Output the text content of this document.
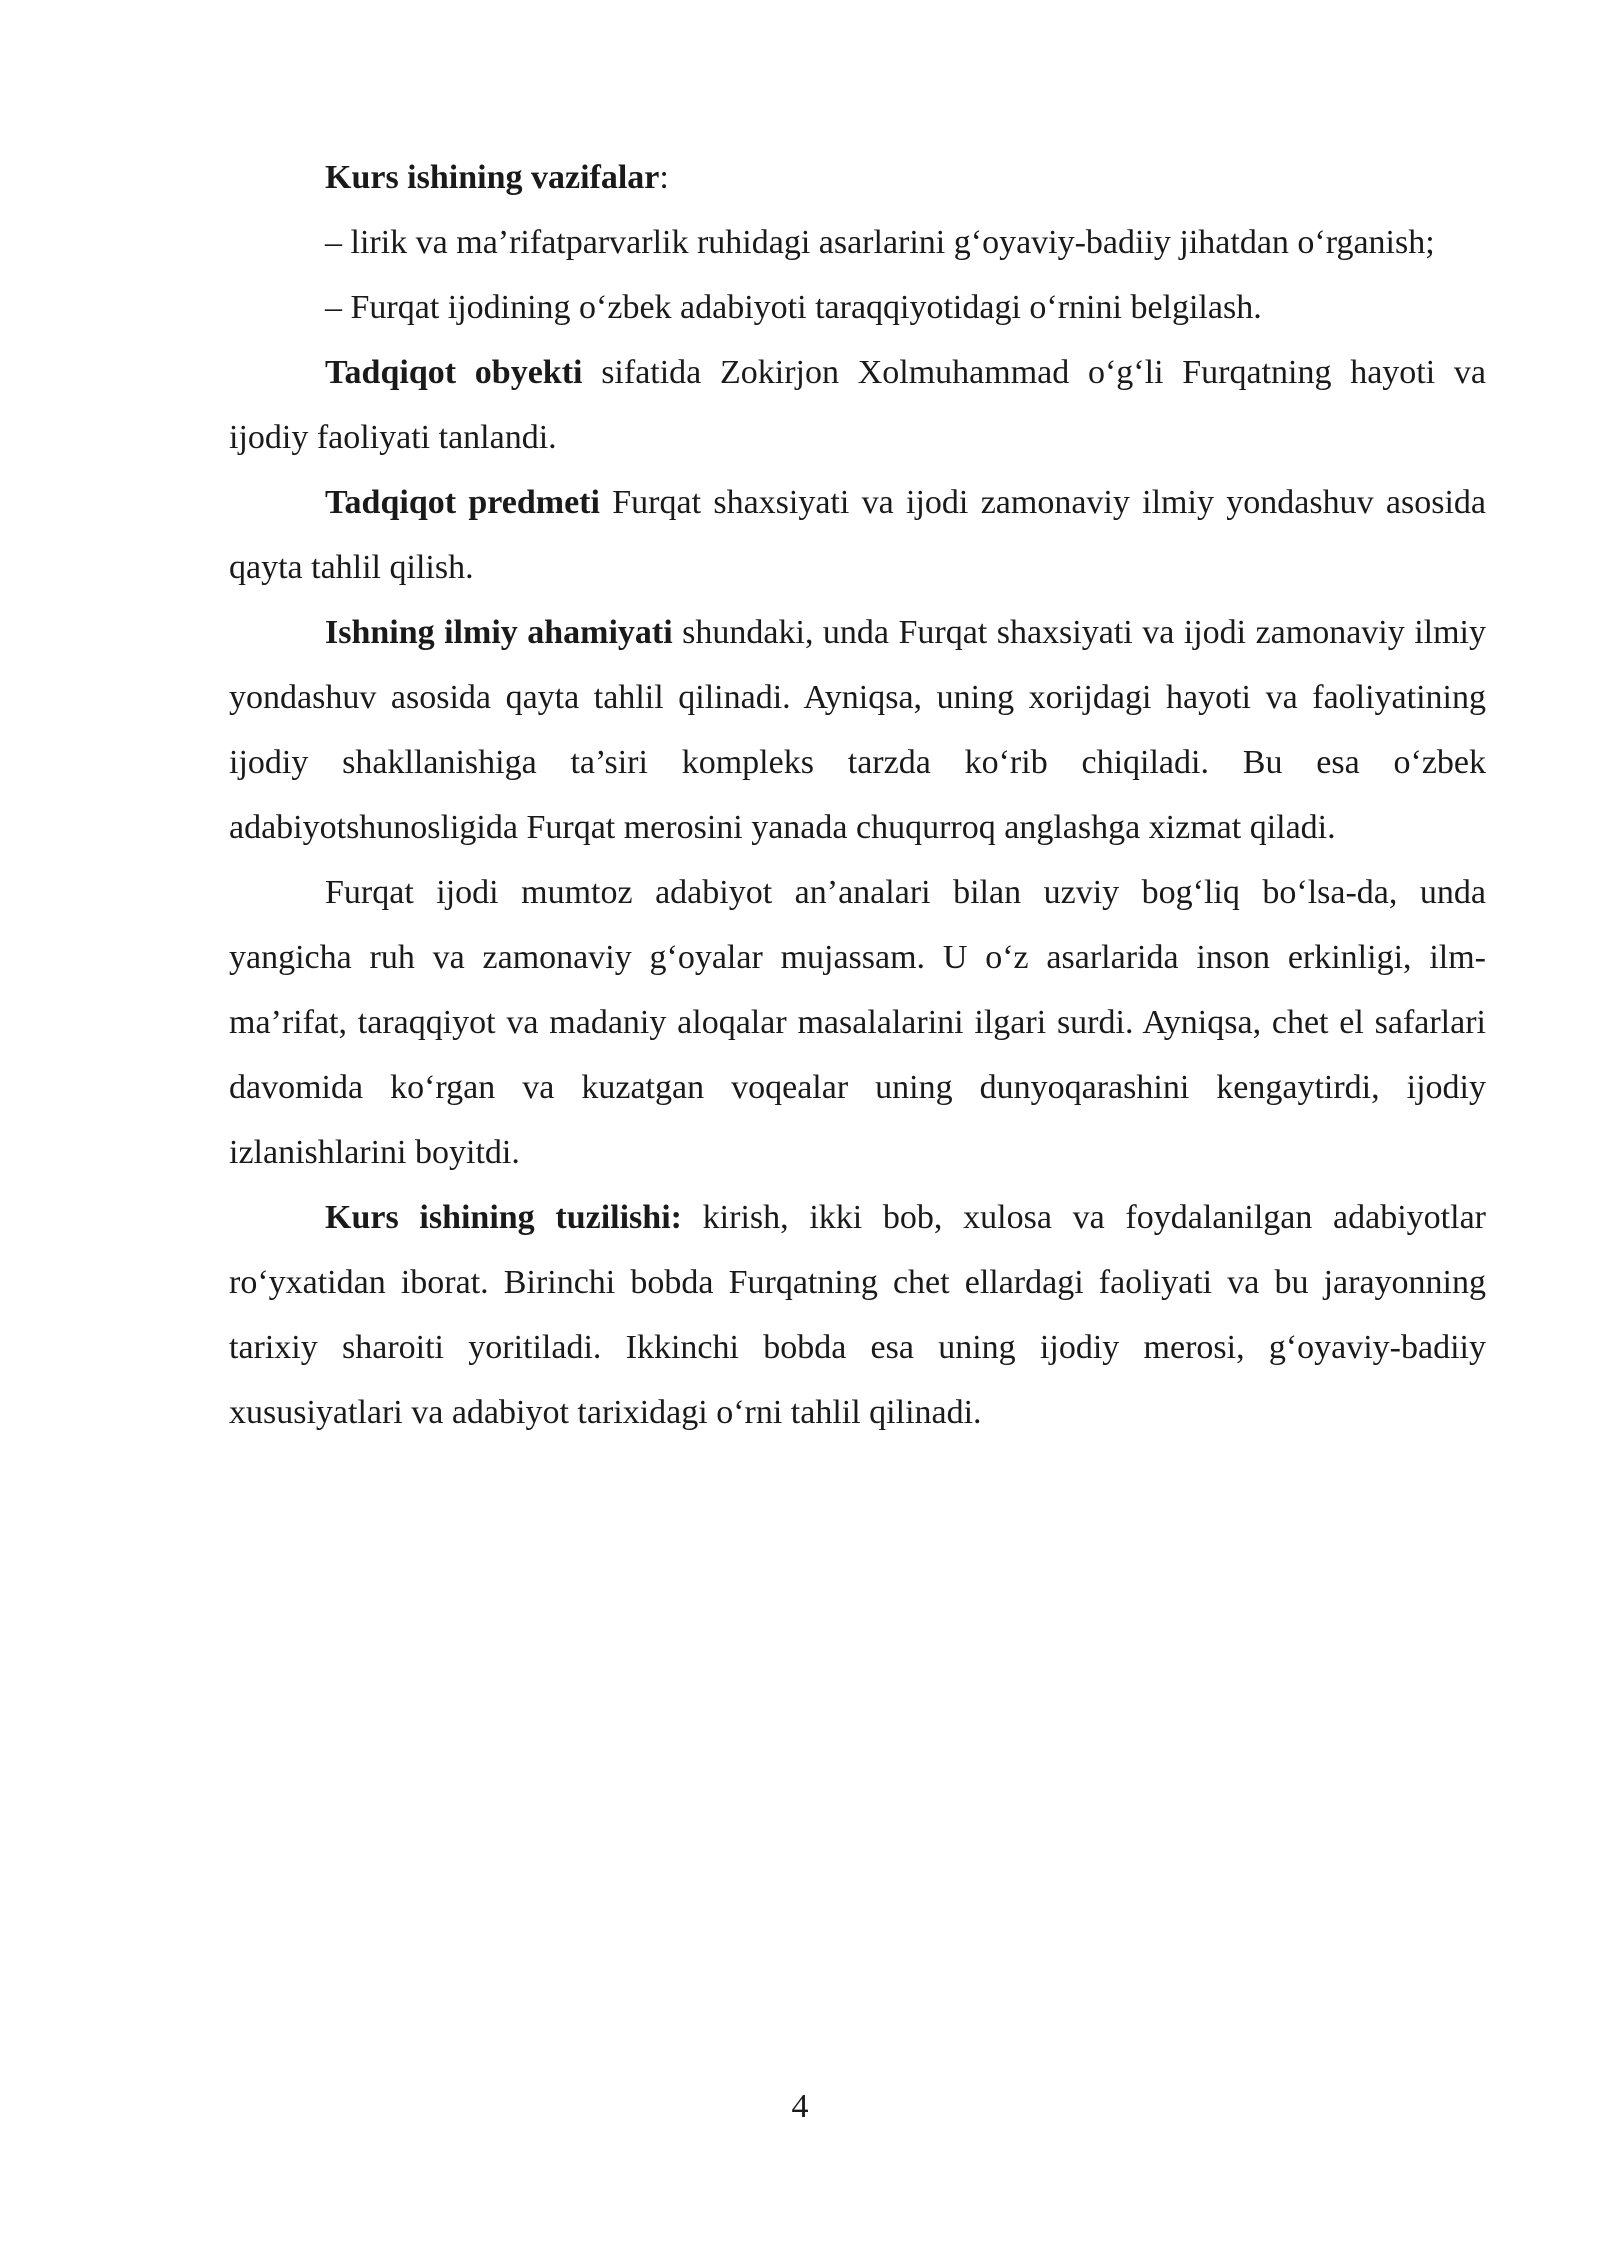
Kurs ishining vazifalar:

– lirik va ma’rifatparvarlik ruhidagi asarlarini g‘oyaviy-badiiy jihatdan o‘rganish;

– Furqat ijodining o‘zbek adabiyoti taraqqiyotidagi o‘rnini belgilash.

Tadqiqot obyekti sifatida Zokirjon Xolmuhammad o‘g‘li Furqatning hayoti va ijodiy faoliyati tanlandi.

Tadqiqot predmeti Furqat shaxsiyati va ijodi zamonaviy ilmiy yondashuv asosida qayta tahlil qilish.

Ishning ilmiy ahamiyati shundaki, unda Furqat shaxsiyati va ijodi zamonaviy ilmiy yondashuv asosida qayta tahlil qilinadi. Ayniqsa, uning xorijdagi hayoti va faoliyatining ijodiy shakllanishiga ta’siri kompleks tarzda ko‘rib chiqiladi. Bu esa o‘zbek adabiyotshunosligida Furqat merosini yanada chuqurroq anglashga xizmat qiladi.

Furqat ijodi mumtoz adabiyot an’analari bilan uzviy bog‘liq bo‘lsa-da, unda yangicha ruh va zamonaviy g‘oyalar mujassam. U o‘z asarlarida inson erkinligi, ilm-ma’rifat, taraqqiyot va madaniy aloqalar masalalarini ilgari surdi. Ayniqsa, chet el safarlari davomida ko‘rgan va kuzatgan voqealar uning dunyoqarashini kengaytirdi, ijodiy izlanishlarini boyitdi.

Kurs ishining tuzilishi: kirish, ikki bob, xulosa va foydalanilgan adabiyotlar ro‘yxatidan iborat. Birinchi bobda Furqatning chet ellardagi faoliyati va bu jarayonning tarixiy sharoiti yoritiladi. Ikkinchi bobda esa uning ijodiy merosi, g‘oyaviy-badiiy xususiyatlari va adabiyot tarixidagi o‘rni tahlil qilinadi.

4
